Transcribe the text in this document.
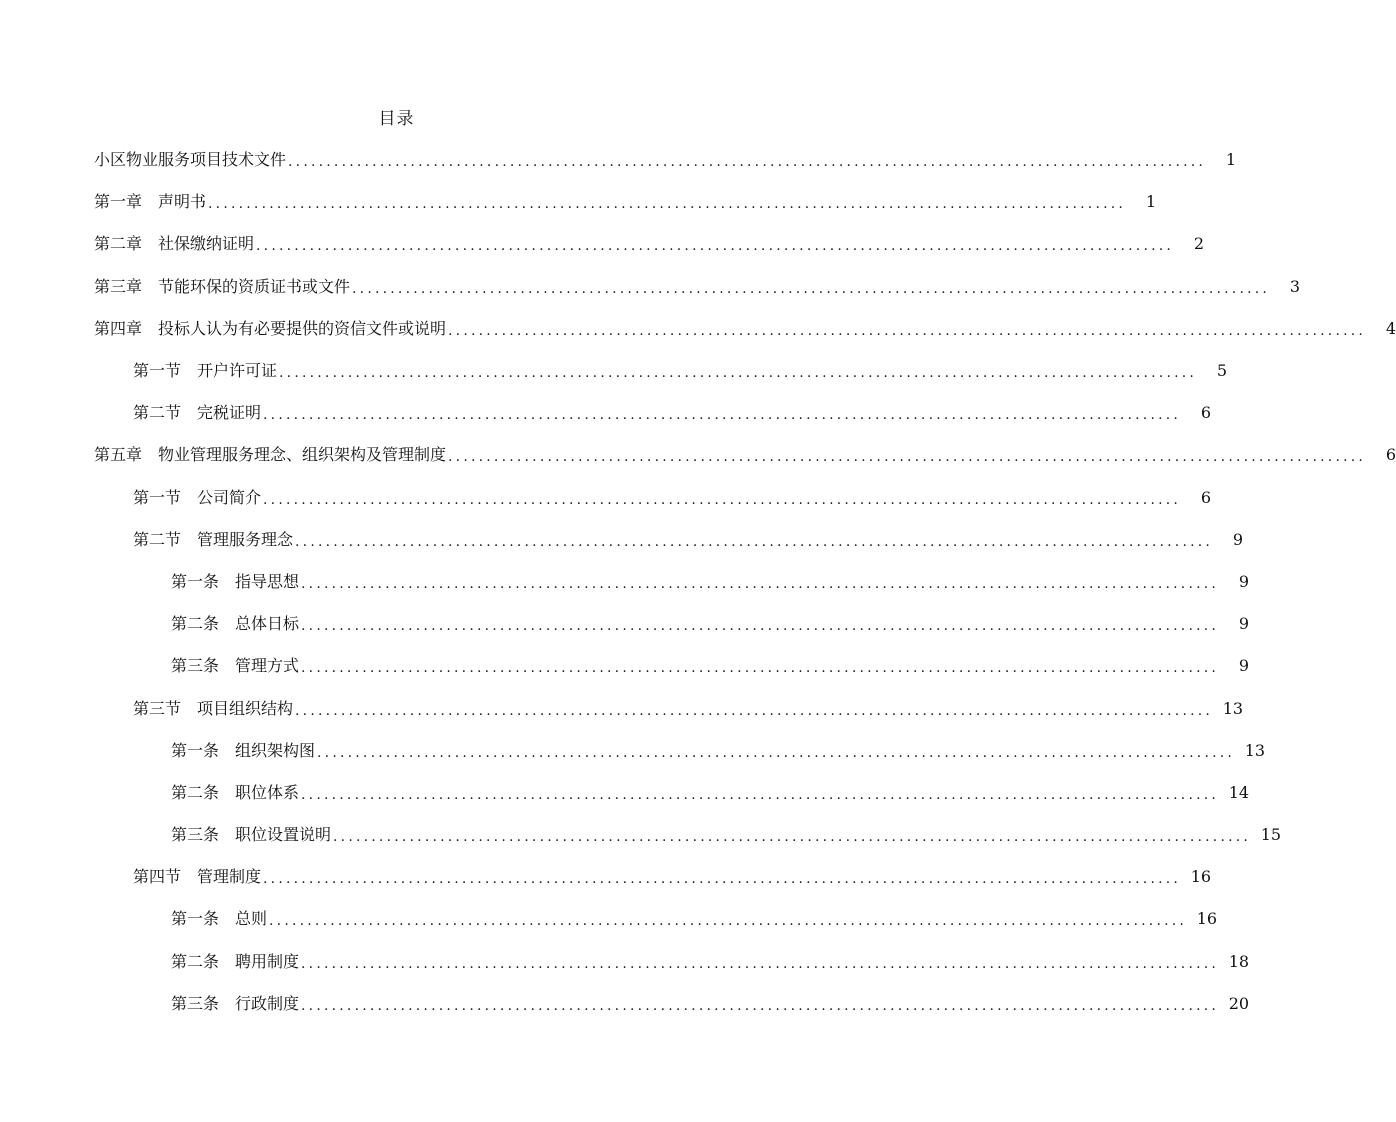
目录
小区物业服务项目技术文件 ........................................................................................................................	1
第一章　声明书 ........................................................................................................................	1
第二章　社保缴纳证明 ........................................................................................................................	2
第三章　节能环保的资质证书或文件 ........................................................................................................................	3
第四章　投标人认为有必要提供的资信文件或说明 ........................................................................................................................	4
第一节　开户许可证 ........................................................................................................................	5
第二节　完税证明 ........................................................................................................................	6
第五章　物业管理服务理念、组织架构及管理制度 ........................................................................................................................	6
第一节　公司简介 ........................................................................................................................	6
第二节　管理服务理念 ........................................................................................................................	9
第一条　指导思想 ........................................................................................................................	9
第二条　总体日标 ........................................................................................................................	9
第三条　管理方式 ........................................................................................................................	9
第三节　项目组织结构 ........................................................................................................................ 13
第一条　组织架构图 ........................................................................................................................ 13
第二条　职位体系 ........................................................................................................................ 14
第三条　职位设置说明 ........................................................................................................................ 15
第四节　管理制度 ........................................................................................................................ 16
第一条　总则 ........................................................................................................................ 16
第二条　聘用制度 ........................................................................................................................ 18
第三条　行政制度 ........................................................................................................................ 20
